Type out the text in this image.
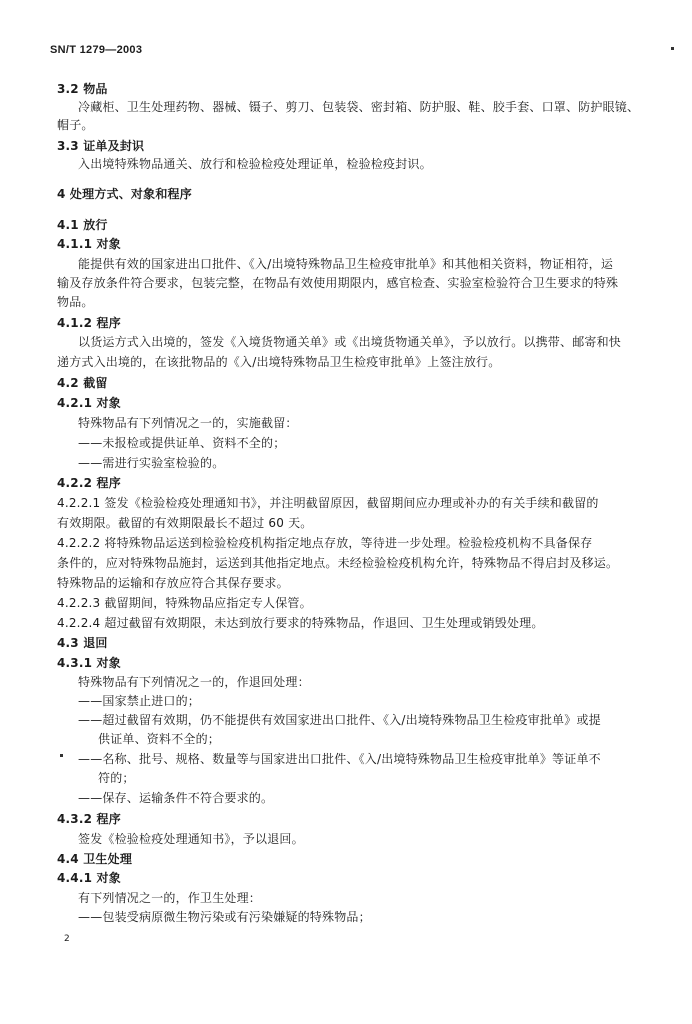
SN/T 1279—2003
3.2 物品
冷藏柜、卫生处理药物、器械、镊子、剪刀、包装袋、密封箱、防护服、鞋、胶手套、口罩、防护眼镜、
帽子。
3.3 证单及封识
入出境特殊物品通关、放行和检验检疫处理证单，检验检疫封识。
4 处理方式、对象和程序
4.1 放行
4.1.1 对象
能提供有效的国家进出口批件、《入/出境特殊物品卫生检疫审批单》和其他相关资料，物证相符，运
输及存放条件符合要求，包装完整，在物品有效使用期限内，感官检查、实验室检验符合卫生要求的特殊
物品。
4.1.2 程序
以货运方式入出境的，签发《入境货物通关单》或《出境货物通关单》，予以放行。以携带、邮寄和快
递方式入出境的，在该批物品的《入/出境特殊物品卫生检疫审批单》上签注放行。
4.2 截留
4.2.1 对象
特殊物品有下列情况之一的，实施截留：
——未报检或提供证单、资料不全的；
——需进行实验室检验的。
4.2.2 程序
4.2.2.1 签发《检验检疫处理通知书》，并注明截留原因，截留期间应办理或补办的有关手续和截留的
有效期限。截留的有效期限最长不超过 60 天。
4.2.2.2 将特殊物品运送到检验检疫机构指定地点存放，等待进一步处理。检验检疫机构不具备保存
条件的，应对特殊物品施封，运送到其他指定地点。未经检验检疫机构允许，特殊物品不得启封及移运。
特殊物品的运输和存放应符合其保存要求。
4.2.2.3 截留期间，特殊物品应指定专人保管。
4.2.2.4 超过截留有效期限，未达到放行要求的特殊物品，作退回、卫生处理或销毁处理。
4.3 退回
4.3.1 对象
特殊物品有下列情况之一的，作退回处理：
——国家禁止进口的；
——超过截留有效期，仍不能提供有效国家进出口批件、《入/出境特殊物品卫生检疫审批单》或提
供证单、资料不全的；
——名称、批号、规格、数量等与国家进出口批件、《入/出境特殊物品卫生检疫审批单》等证单不
符的；
——保存、运输条件不符合要求的。
4.3.2 程序
签发《检验检疫处理通知书》，予以退回。
4.4 卫生处理
4.4.1 对象
有下列情况之一的，作卫生处理：
——包装受病原微生物污染或有污染嫌疑的特殊物品；
2
